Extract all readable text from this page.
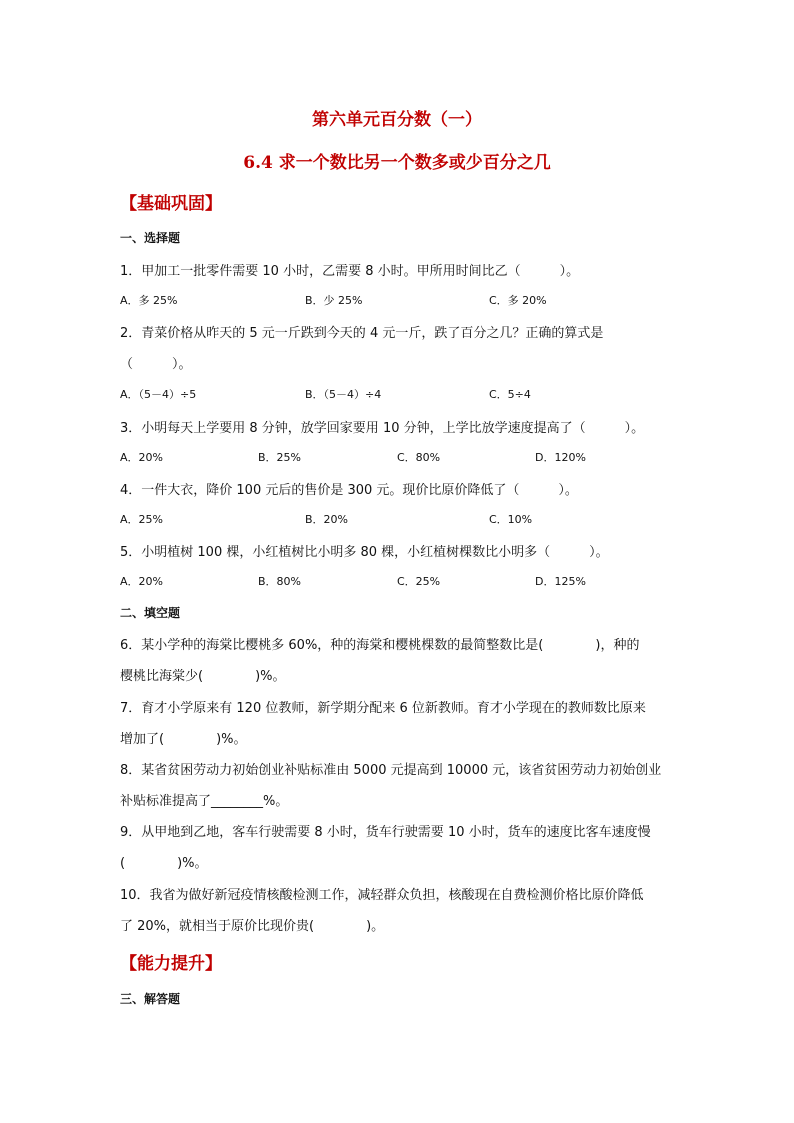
第六单元百分数（一）
6.4 求一个数比另一个数多或少百分之几
【基础巩固】
一、选择题
1．甲加工一批零件需要 10 小时，乙需要 8 小时。甲所用时间比乙（　　　）。
A．多 25%	B．少 25%	C．多 20%
2．青菜价格从昨天的 5 元一斤跌到今天的 4 元一斤，跌了百分之几？正确的算式是
（　　　）。
A．（5－4）÷5	B．（5－4）÷4	C．5÷4
3．小明每天上学要用 8 分钟，放学回家要用 10 分钟，上学比放学速度提高了（　　　）。
A．20%	B．25%	C．80%	D．120%
4．一件大衣，降价 100 元后的售价是 300 元。现价比原价降低了（　　　）。
A．25%	B．20%	C．10%
5．小明植树 100 棵，小红植树比小明多 80 棵，小红植树棵数比小明多（　　　）。
A．20%	B．80%	C．25%	D．125%
二、填空题
6．某小学种的海棠比樱桃多 60%，种的海棠和樱桃棵数的最简整数比是(　　　　)，种的
樱桃比海棠少(　　　　)%。
7．育才小学原来有 120 位教师，新学期分配来 6 位新教师。育才小学现在的教师数比原来
增加了(　　　　)%。
8．某省贫困劳动力初始创业补贴标准由 5000 元提高到 10000 元，该省贫困劳动力初始创业
补贴标准提高了________%。
9．从甲地到乙地，客车行驶需要 8 小时，货车行驶需要 10 小时，货车的速度比客车速度慢
(　　　　)%。
10．我省为做好新冠疫情核酸检测工作，减轻群众负担，核酸现在自费检测价格比原价降低
了 20%，就相当于原价比现价贵(　　　　)。
【能力提升】
三、解答题
